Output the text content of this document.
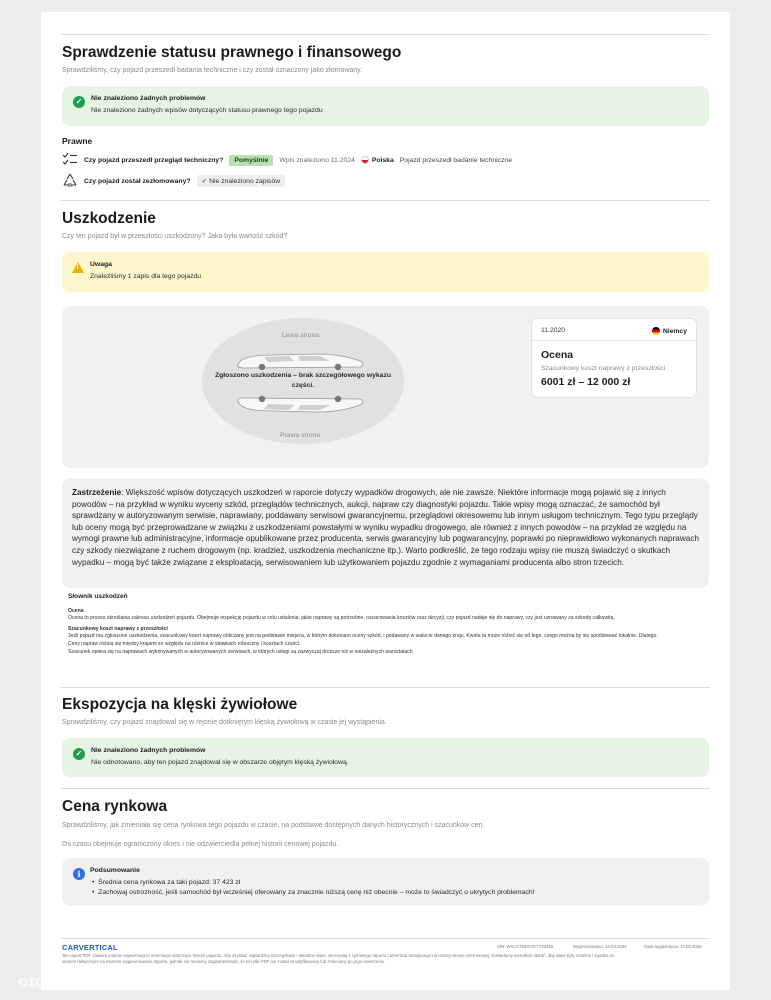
Sprawdzenie statusu prawnego i finansowego
Sprawdziliśmy, czy pojazd przeszedł badania techniczne i czy został oznaczony jako złomowany.
✓	Nie znaleziono żadnych problemów
Nie znaleziono żadnych wpisów dotyczących statusu prawnego tego pojazdu
Prawne
Czy pojazd przeszedł przegląd techniczny?	Pomyślnie	Wpis znaleziono 11.2024	Polska Pojazd przeszedł badanie techniczne
Czy pojazd został zezłomowany?	✓ Nie znaleziono zapisów
Uszkodzenie
Czy ten pojazd był w przeszłości uszkodzony? Jaka była wartość szkód?
! Uwaga
Znaleźliśmy 1 zapis dla tego pojazdu
Lewa strona
Zgłoszono uszkodzenia – brak szczegółowego wykazu części.
Prawa strona
11.2020	Niemcy
Ocena
Szacunkowy koszt naprawy z przeszłości
6001 zł – 12 000 zł
Zastrzeżenie: Większość wpisów dotyczących uszkodzeń w raporcie dotyczy wypadków drogowych, ale nie zawsze. Niektóre informacje mogą pojawić się z innych powodów – na przykład w wyniku wyceny szkód, przeglądów technicznych, aukcji, napraw czy diagnostyki pojazdu. Takie wpisy mogą oznaczać, że samochód był sprawdzany w autoryzowanym serwisie, naprawiany, poddawany serwisowi gwarancyjnemu, przeglądowi okresowemu lub innym usługom technicznym. Tego typu przeglądy lub oceny mogą być przeprowadzane w związku z uszkodzeniami powstałymi w wyniku wypadku drogowego, ale również z innych powodów – na przykład ze względu na wymogi prawne lub administracyjne, informacje opublikowane przez producenta, serwis gwarancyjny lub pogwarancyjny, poprawki po nieprawidłowo wykonanych naprawach czy szkody niezwiązane z ruchem drogowym (np. kradzież, uszkodzenia mechaniczne itp.). Warto podkreślić, że tego rodzaju wpisy nie muszą świadczyć o skutkach wypadku – mogą być także związane z eksploatacją, serwisowaniem lub użytkowaniem pojazdu zgodnie z wymaganiami producenta albo stron trzecich.
Słownik uszkodzeń
Ocena
Ocena to proces określania zakresu uszkodzeń pojazdu. Obejmuje inspekcję pojazdu w celu ustalenia, jakie naprawy są potrzebne, oszacowania kosztów oraz decyzji, czy pojazd nadaje się do naprawy, czy jest uznawany za szkodę całkowitą.
Szacunkowy koszt naprawy z przeszłości
Jeśli pojazd ma zgłoszone uszkodzenia, szacunkowy koszt naprawy obliczany jest na podstawie miejsca, w którym dokonano oceny szkód, i podawany w walucie danego kraju. Kwota ta może różnić się od tego, czego można by się spodziewać lokalnie. Dlatego:
Ceny napraw różnią się między krajami ze względu na różnice w stawkach robocizny i kosztach części.
Szacunek opiera się na naprawach wykonywanych w autoryzowanych serwisach, w których usługi są zazwyczaj droższe niż w niezależnych warsztatach.
Ekspozycja na klęski żywiołowe
Sprawdziliśmy, czy pojazd znajdował się w rejonie dotkniętym klęską żywiołową w czasie jej wystąpienia.
✓	Nie znaleziono żadnych problemów
Nie odnotowano, aby ten pojazd znajdował się w obszarze objętym klęską żywiołową.
Cena rynkowa
Sprawdziliśmy, jak zmieniała się cena rynkowa tego pojazdu w czasie, na podstawie dostępnych danych historycznych i szacunków cen.
Oś czasu obejmuje ograniczony okres i nie odzwierciedla pełnej historii cenowej pojazdu.
i	Podsumowanie
•  Średnia cena rynkowa za taki pojazd: 37 423 zł
•  Zachowaj ostrożność, jeśli samochód był wcześniej oferowany za znacznie niższą cenę niż obecnie – może to świadczyć o ukrytych problemach!
CARVERTICAL	VIN: WSLGTBENTETT93255	Wygenerowano: 14.04.2026	Data wygaśnięcia: 14.05.2026
Ten raport PDF zawiera jedynie najważniejsze informacje dotyczące historii pojazdu. Aby uzyskać najbardziej szczegółowe i aktualne dane, skorzystaj z cyfrowego raportu carVertical dostępnego na naszej stronie internetowej. Dokładamy wszelkich starań, aby dane były rzetelne i zgodne ze
stanem faktycznym na moment wygenerowania raportu, jednak nie możemy zagwarantować, że ten plik PDF nie został zmodyfikowany lub zmieniony po jego utworzeniu.
otomoto
